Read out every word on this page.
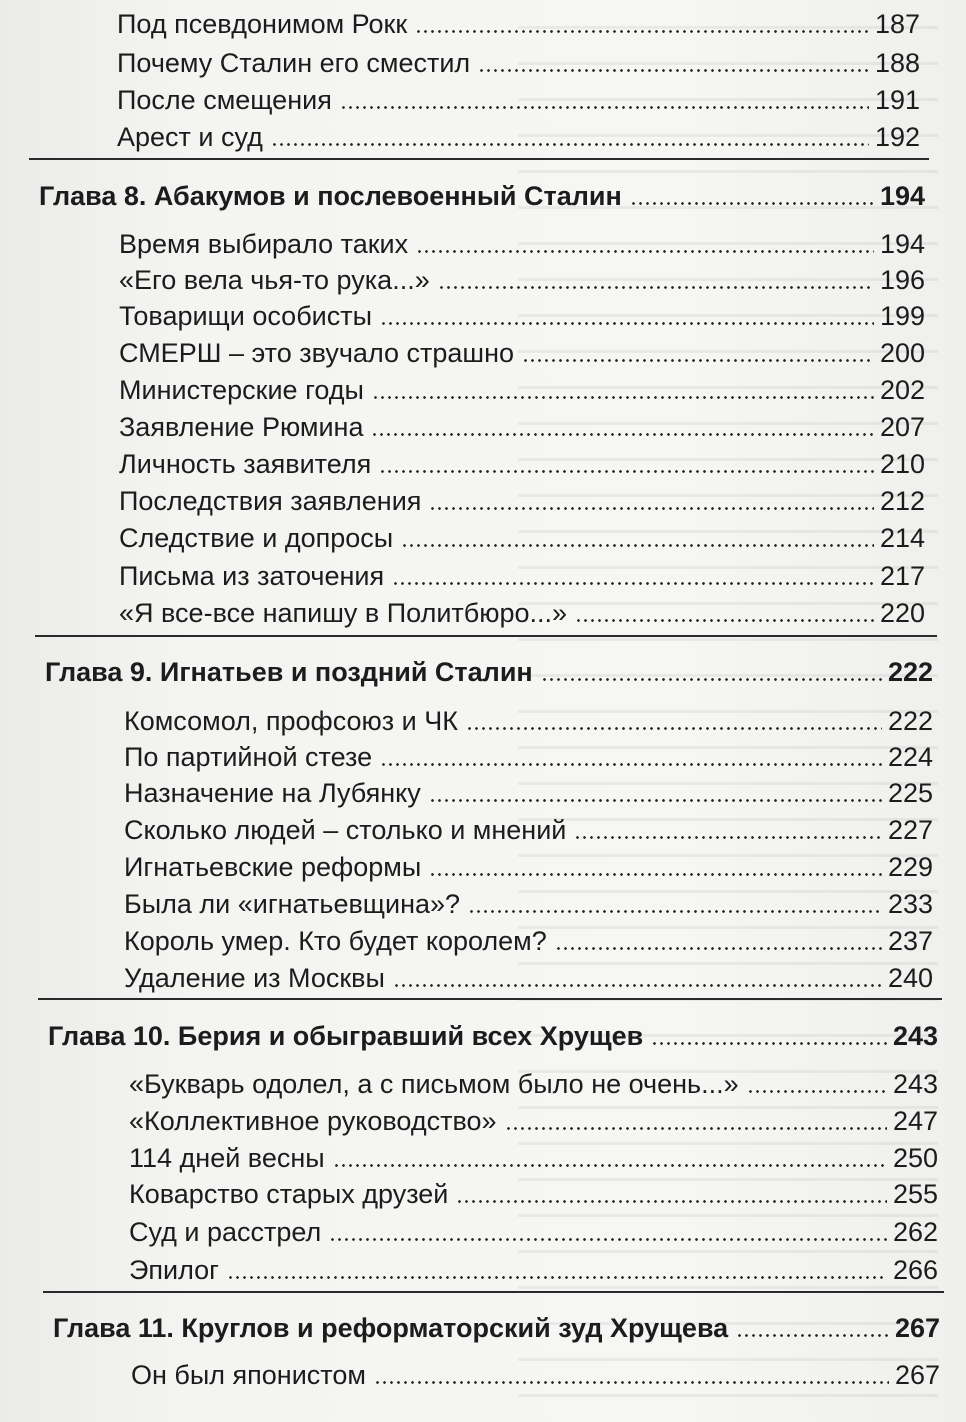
Под псевдонимом Рокк	187
Почему Сталин его сместил	188
После смещения	191
Арест и суд	192
Глава 8. Абакумов и послевоенный Сталин	194
Время выбирало таких	194
«Его вела чья-то рука...»	196
Товарищи особисты	199
СМЕРШ – это звучало страшно	200
Министерские годы	202
Заявление Рюмина	207
Личность заявителя	210
Последствия заявления	212
Следствие и допросы	214
Письма из заточения	217
«Я все-все напишу в Политбюро...»	220
Глава 9. Игнатьев и поздний Сталин	222
Комсомол, профсоюз и ЧК	222
По партийной стезе	224
Назначение на Лубянку	225
Сколько людей – столько и мнений	227
Игнатьевские реформы	229
Была ли «игнатьевщина»?	233
Король умер. Кто будет королем?	237
Удаление из Москвы	240
Глава 10. Берия и обыгравший всех Хрущев	243
«Букварь одолел, а с письмом было не очень...»	243
«Коллективное руководство»	247
114 дней весны	250
Коварство старых друзей	255
Суд и расстрел	262
Эпилог	266
Глава 11. Круглов и реформаторский зуд Хрущева	267
Он был японистом	267
